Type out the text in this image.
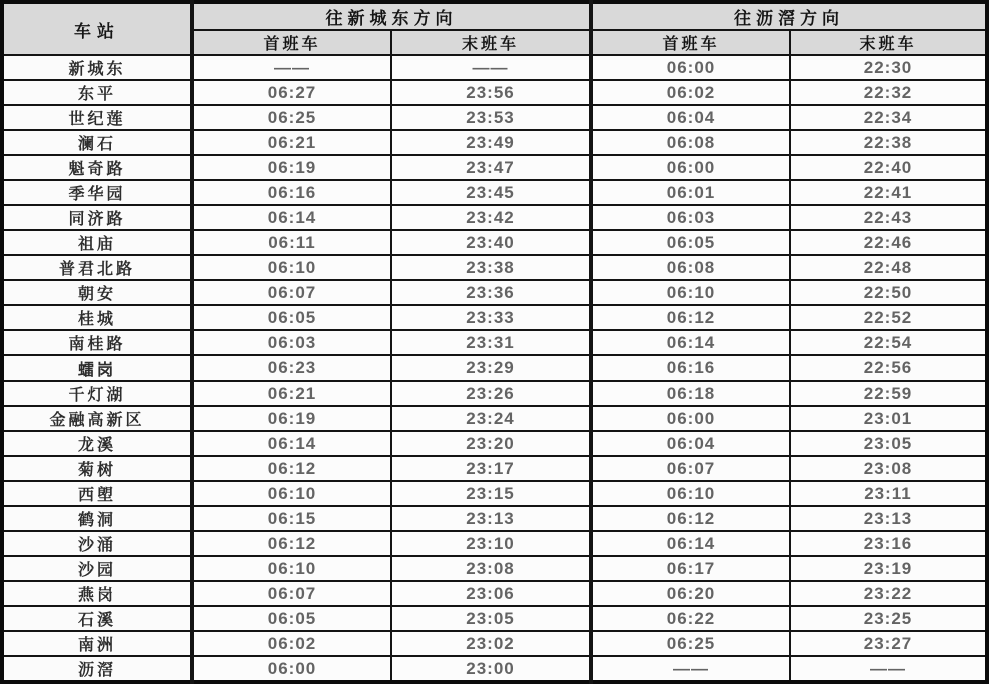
车站	往新城东方向		往沥滘方向	
	首班车	末班车	首班车	末班车
新城东	——	——	06:00	22:30
东平	06:27	23:56	06:02	22:32
世纪莲	06:25	23:53	06:04	22:34
澜石	06:21	23:49	06:08	22:38
魁奇路	06:19	23:47	06:00	22:40
季华园	06:16	23:45	06:01	22:41
同济路	06:14	23:42	06:03	22:43
祖庙	06:11	23:40	06:05	22:46
普君北路	06:10	23:38	06:08	22:48
朝安	06:07	23:36	06:10	22:50
桂城	06:05	23:33	06:12	22:52
南桂路	06:03	23:31	06:14	22:54
𧒽岗	06:23	23:29	06:16	22:56
千灯湖	06:21	23:26	06:18	22:59
金融高新区	06:19	23:24	06:00	23:01
龙溪	06:14	23:20	06:04	23:05
菊树	06:12	23:17	06:07	23:08
西塱	06:10	23:15	06:10	23:11
鹤洞	06:15	23:13	06:12	23:13
沙涌	06:12	23:10	06:14	23:16
沙园	06:10	23:08	06:17	23:19
燕岗	06:07	23:06	06:20	23:22
石溪	06:05	23:05	06:22	23:25
南洲	06:02	23:02	06:25	23:27
沥滘	06:00	23:00	——	——
